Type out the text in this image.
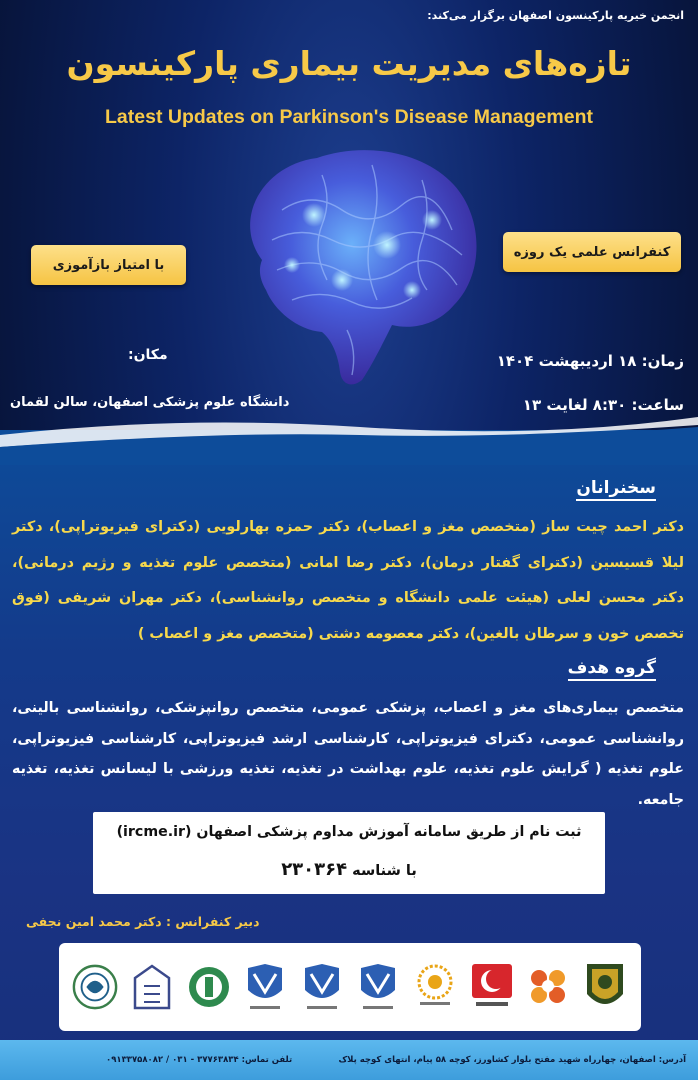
انجمن خیریه پارکینسون اصفهان برگزار می‌کند:
تازه‌های مدیریت بیماری پارکینسون
Latest Updates on Parkinson's Disease Management
با امتیاز بازآموزی
کنفرانس علمی یک روزه
زمان: ۱۸ اردیبهشت ۱۴۰۴
ساعت: ۸:۳۰ لغایت ۱۳
مکان:
دانشگاه علوم پزشکی اصفهان، سالن لقمان
سخنرانان
دکتر احمد چیت ساز (متخصص مغز و اعصاب)، دکتر حمزه بهارلویی (دکترای فیزیوتراپی)، دکتر لیلا قسیسین (دکترای گفتار درمان)، دکتر رضا امانی (متخصص علوم تغذیه و رژیم درمانی)، دکتر محسن لعلی (هیئت علمی دانشگاه و متخصص روانشناسی)، دکتر مهران شریفی (فوق تخصص خون و سرطان بالغین)، دکتر معصومه دشتی (متخصص مغز و اعصاب )
گروه هدف
متخصص بیماری‌های مغز و اعصاب، پزشکی عمومی، متخصص روانپزشکی، روانشناسی بالینی، روانشناسی عمومی، دکترای فیزیوتراپی، کارشناسی ارشد فیزیوتراپی، کارشناسی فیزیوتراپی، علوم تغذیه ( گرایش علوم تغذیه، علوم بهداشت در تغذیه، تغذیه ورزشی با لیسانس تغذیه، تغذیه جامعه.
ثبت نام از طریق سامانه آموزش مداوم پزشکی اصفهان (ircme.ir)
با شناسه ۲۳۰۳۶۴
دبیر کنفرانس : دکتر محمد امین نجفی
آدرس: اصفهان، چهارراه شهید مفتح بلوار کشاورز، کوچه ۵۸ پیام، انتهای کوچه پلاک
تلفن تماس: ۳۷۷۶۳۸۳۴ - ۰۳۱ / ۰۹۱۳۳۷۵۸۰۸۲
